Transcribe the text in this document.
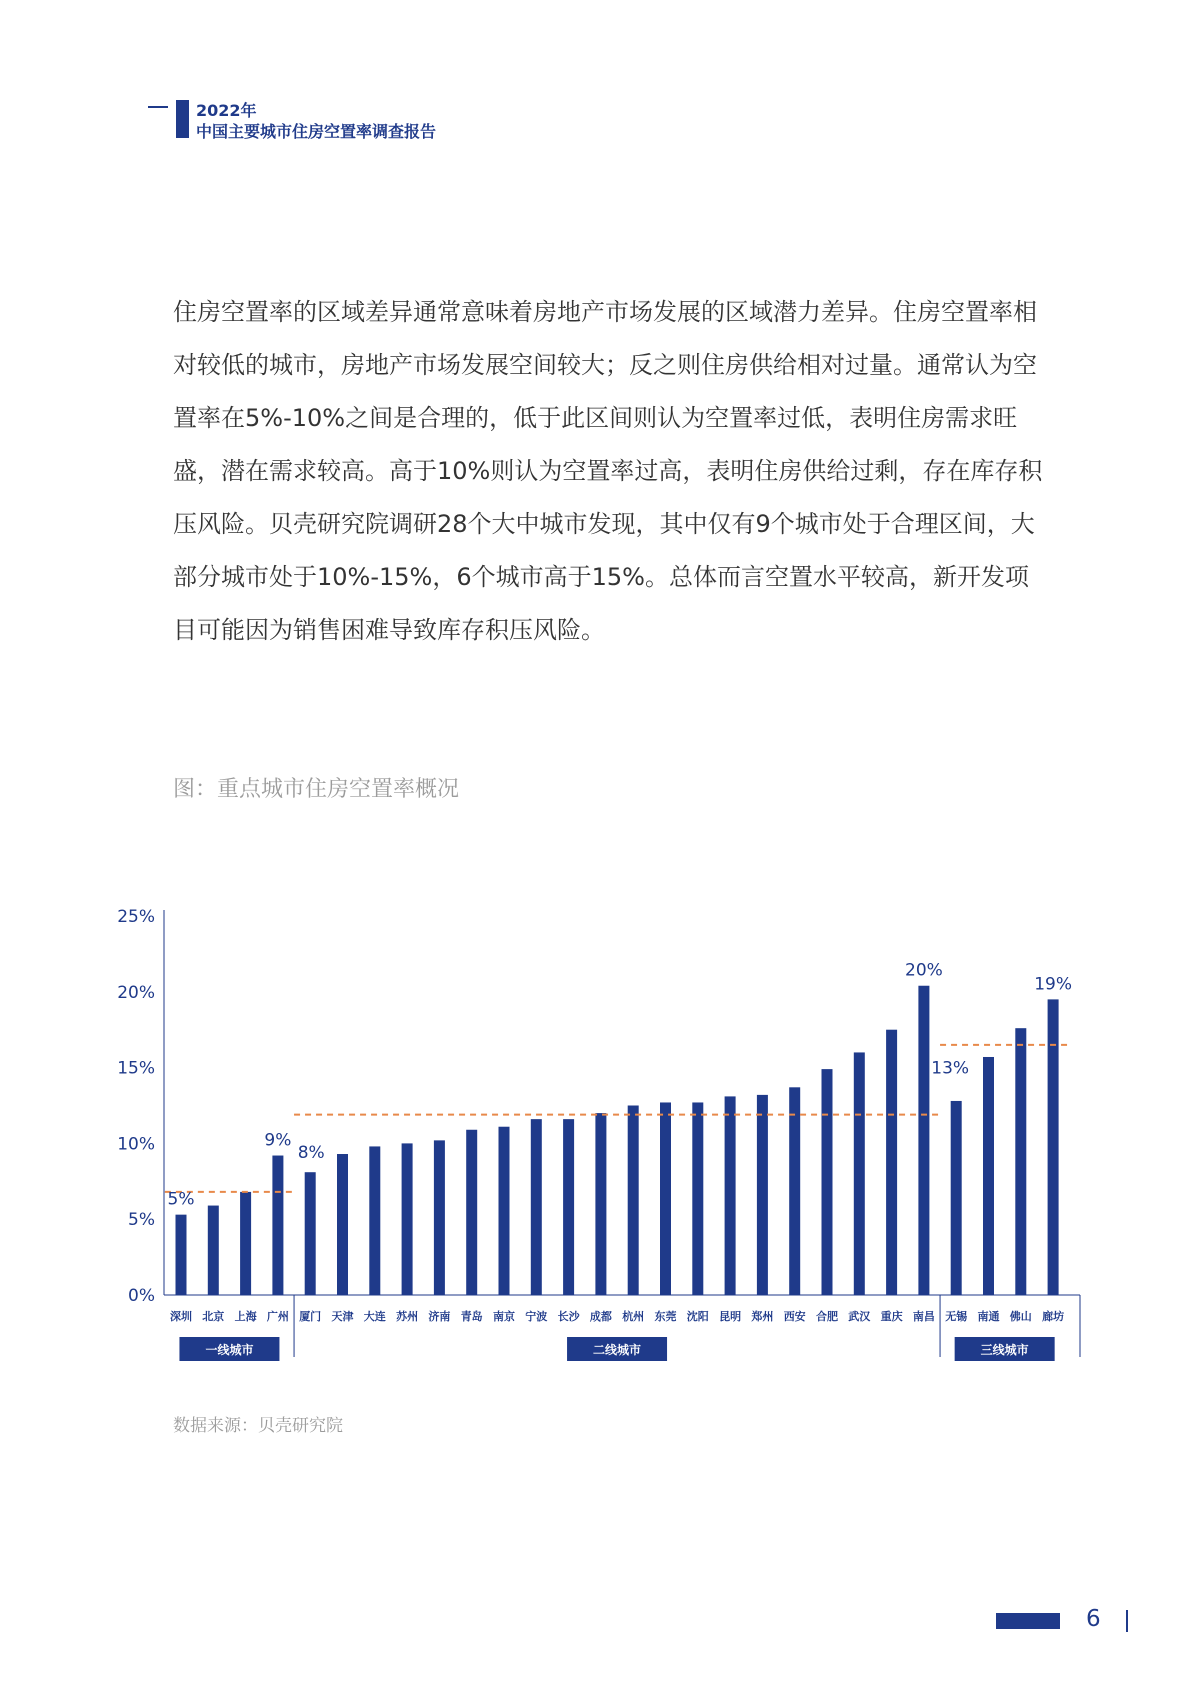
2022年
中国主要城市住房空置率调查报告

住房空置率的区域差异通常意味着房地产市场发展的区域潜力差异。住房空置率相对较低的城市，房地产市场发展空间较大；反之则住房供给相对过量。通常认为空置率在5%-10%之间是合理的，低于此区间则认为空置率过低，表明住房需求旺盛，潜在需求较高。高于10%则认为空置率过高，表明住房供给过剩，存在库存积压风险。贝壳研究院调研28个大中城市发现，其中仅有9个城市处于合理区间，大部分城市处于10%-15%，6个城市高于15%。总体而言空置水平较高，新开发项目可能因为销售困难导致库存积压风险。

图：重点城市住房空置率概况
0%
5%
10%
15%
20%
25%
深圳 北京 上海 广州 厦门 天津 大连 苏州 济南 青岛 南京 宁波 长沙 成都 杭州 东莞 沈阳 昆明 郑州 西安 合肥 武汉 重庆 南昌 无锡 南通 佛山 廊坊
一线城市	二线城市	三线城市
5%
9%
8%
20%
13%
19%
数据来源：贝壳研究院
6
